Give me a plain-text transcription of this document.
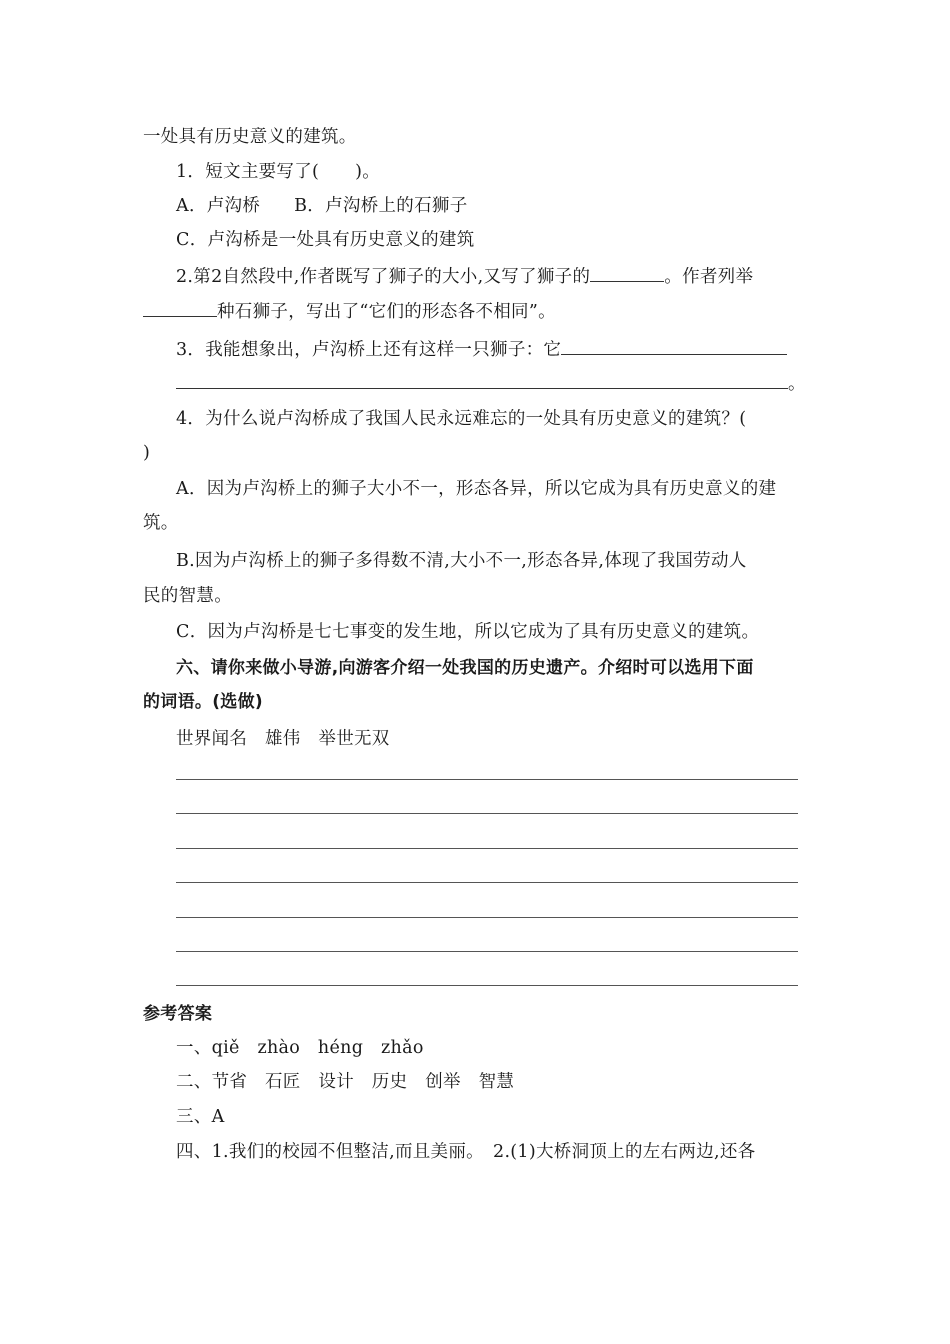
一处具有历史意义的建筑。
1．短文主要写了( )。
A．卢沟桥 B．卢沟桥上的石狮子
C．卢沟桥是一处具有历史意义的建筑
2.第2自然段中,作者既写了狮子的大小,又写了狮子的	。作者列举
种石狮子，写出了“它们的形态各不相同”。
3．我能想象出，卢沟桥上还有这样一只狮子：它
。
4．为什么说卢沟桥成了我国人民永远难忘的一处具有历史意义的建筑？(
)
A．因为卢沟桥上的狮子大小不一，形态各异，所以它成为具有历史意义的建
筑。
B.因为卢沟桥上的狮子多得数不清,大小不一,形态各异,体现了我国劳动人
民的智慧。
C．因为卢沟桥是七七事变的发生地，所以它成为了具有历史意义的建筑。
六、请你来做小导游,向游客介绍一处我国的历史遗产。介绍时可以选用下面
的词语。(选做)
世界闻名　雄伟　举世无双
参考答案
一、qiě　zhào　héng　zhǎo
二、节省　石匠　设计　历史　创举　智慧
三、A
四、1.我们的校园不但整洁,而且美丽。　2.(1)大桥洞顶上的左右两边,还各
